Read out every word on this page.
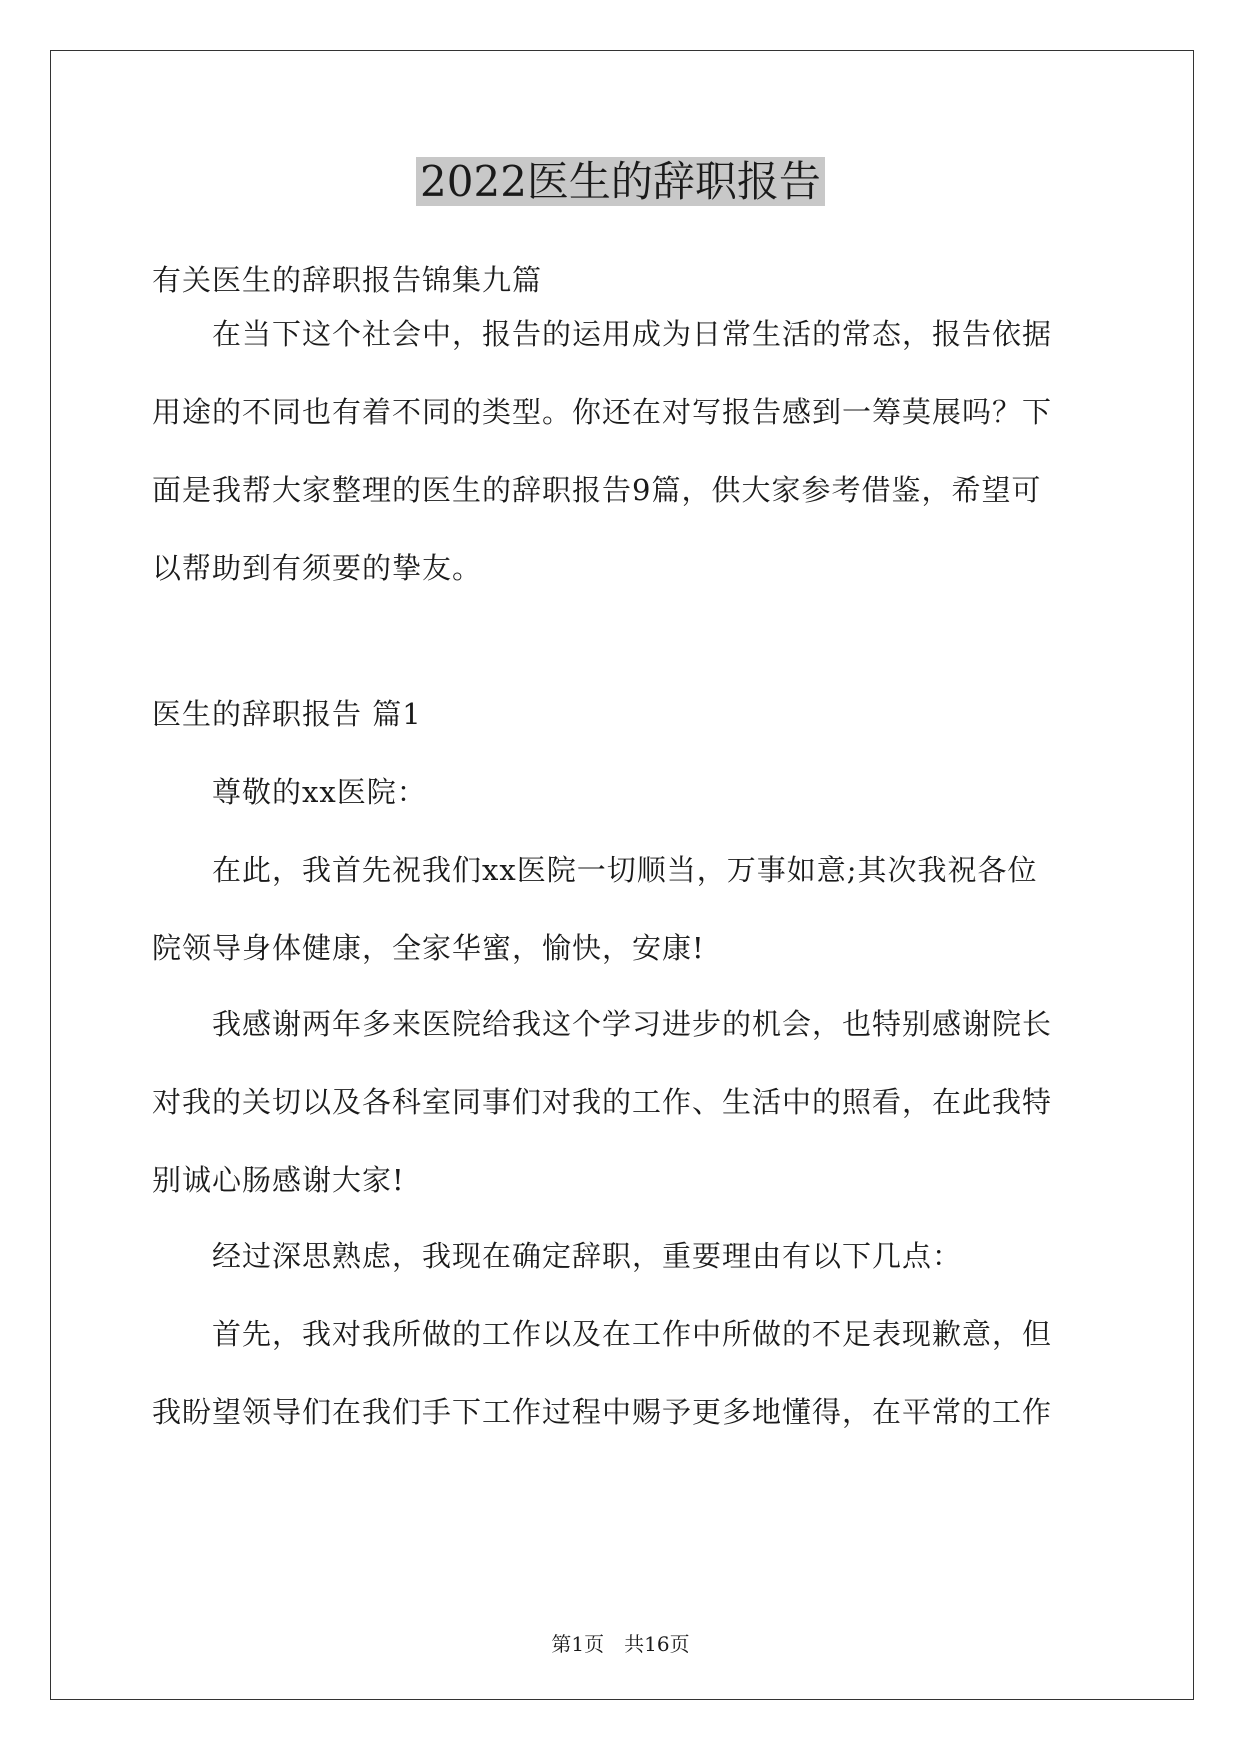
2022医生的辞职报告

有关医生的辞职报告锦集九篇

在当下这个社会中，报告的运用成为日常生活的常态，报告依据

用途的不同也有着不同的类型。你还在对写报告感到一筹莫展吗？下

面是我帮大家整理的医生的辞职报告9篇，供大家参考借鉴，希望可

以帮助到有须要的挚友。

医生的辞职报告 篇1

尊敬的xx医院：

在此，我首先祝我们xx医院一切顺当，万事如意;其次我祝各位

院领导身体健康，全家华蜜，愉快，安康!

我感谢两年多来医院给我这个学习进步的机会，也特别感谢院长

对我的关切以及各科室同事们对我的工作、生活中的照看，在此我特

别诚心肠感谢大家!

经过深思熟虑，我现在确定辞职，重要理由有以下几点：

首先，我对我所做的工作以及在工作中所做的不足表现歉意，但

我盼望领导们在我们手下工作过程中赐予更多地懂得，在平常的工作

第1页 共16页
